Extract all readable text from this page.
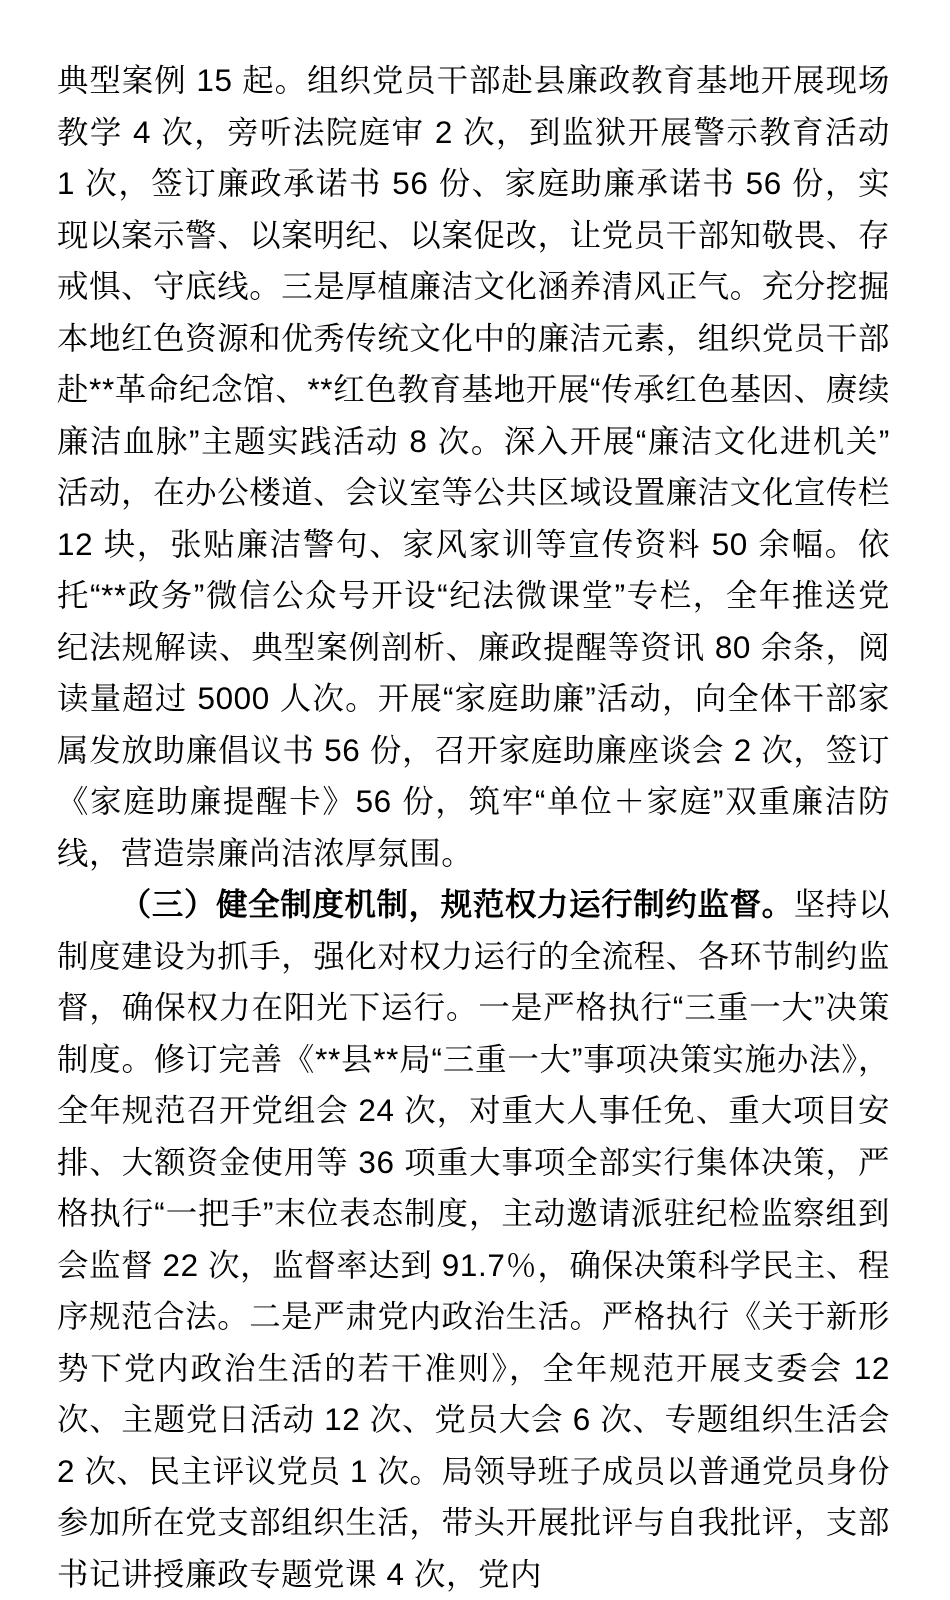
典型案例 15 起。组织党员干部赴县廉政教育基地开展现场教学 4 次，旁听法院庭审 2 次，到监狱开展警示教育活动 1 次，签订廉政承诺书 56 份、家庭助廉承诺书 56 份，实现以案示警、以案明纪、以案促改，让党员干部知敬畏、存戒惧、守底线。三是厚植廉洁文化涵养清风正气。充分挖掘本地红色资源和优秀传统文化中的廉洁元素，组织党员干部赴**革命纪念馆、**红色教育基地开展“传承红色基因、赓续廉洁血脉”主题实践活动 8 次。深入开展“廉洁文化进机关”活动，在办公楼道、会议室等公共区域设置廉洁文化宣传栏 12 块，张贴廉洁警句、家风家训等宣传资料 50 余幅。依托“**政务”微信公众号开设“纪法微课堂”专栏，全年推送党纪法规解读、典型案例剖析、廉政提醒等资讯 80 余条，阅读量超过 5000 人次。开展“家庭助廉”活动，向全体干部家属发放助廉倡议书 56 份，召开家庭助廉座谈会 2 次，签订《家庭助廉提醒卡》56 份，筑牢“单位＋家庭”双重廉洁防线，营造崇廉尚洁浓厚氛围。

（三）健全制度机制，规范权力运行制约监督。坚持以制度建设为抓手，强化对权力运行的全流程、各环节制约监督，确保权力在阳光下运行。一是严格执行“三重一大”决策制度。修订完善《**县**局“三重一大”事项决策实施办法》，全年规范召开党组会 24 次，对重大人事任免、重大项目安排、大额资金使用等 36 项重大事项全部实行集体决策，严格执行“一把手”末位表态制度，主动邀请派驻纪检监察组到会监督 22 次，监督率达到 91.7％，确保决策科学民主、程序规范合法。二是严肃党内政治生活。严格执行《关于新形势下党内政治生活的若干准则》，全年规范开展支委会 12 次、主题党日活动 12 次、党员大会 6 次、专题组织生活会 2 次、民主评议党员 1 次。局领导班子成员以普通党员身份参加所在党支部组织生活，带头开展批评与自我批评，支部书记讲授廉政专题党课 4 次，党内
